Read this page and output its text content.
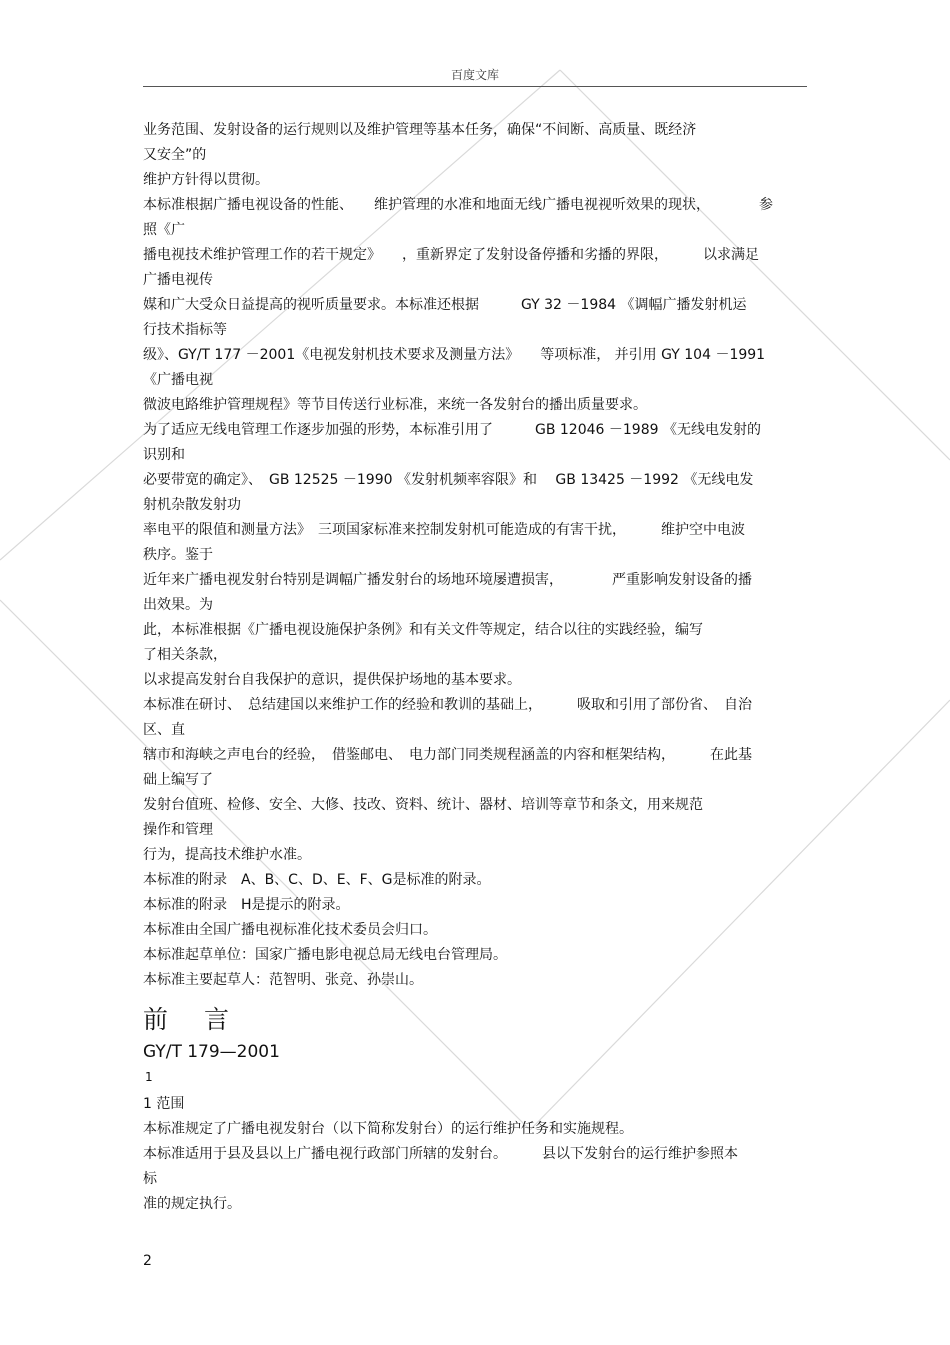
百度文库
业务范围、发射设备的运行规则以及维护管理等基本任务，确保“不间断、高质量、既经济
又安全”的
维护方针得以贯彻。
本标准根据广播电视设备的性能、　　维护管理的水准和地面无线广播电视视听效果的现状，　　　　参
照《广
播电视技术维护管理工作的若干规定》　　，重新界定了发射设备停播和劣播的界限，　　　以求满足
广播电视传
媒和广大受众日益提高的视听质量要求。本标准还根据　　　GY 32 －1984 《调幅广播发射机运
行技术指标等
级》、GY/T 177 －2001《电视发射机技术要求及测量方法》　　等项标准， 并引用 GY 104 －1991
《广播电视
微波电路维护管理规程》等节目传送行业标准，来统一各发射台的播出质量要求。
为了适应无线电管理工作逐步加强的形势，本标准引用了　　　GB 12046 －1989 《无线电发射的
识别和
必要带宽的确定》、　GB 12525 －1990 《发射机频率容限》和　 GB 13425 －1992 《无线电发
射机杂散发射功
率电平的限值和测量方法》　三项国家标准来控制发射机可能造成的有害干扰，　　　维护空中电波
秩序。鉴于
近年来广播电视发射台特别是调幅广播发射台的场地环境屡遭损害，　　　　严重影响发射设备的播
出效果。为
此，本标准根据《广播电视设施保护条例》和有关文件等规定，结合以往的实践经验，编写
了相关条款，
以求提高发射台自我保护的意识，提供保护场地的基本要求。
本标准在研讨、　总结建国以来维护工作的经验和教训的基础上，　　　吸取和引用了部份省、　自治
区、直
辖市和海峡之声电台的经验，　借鉴邮电、　电力部门同类规程涵盖的内容和框架结构，　　　在此基
础上编写了
发射台值班、检修、安全、大修、技改、资料、统计、器材、培训等章节和条文，用来规范
操作和管理
行为，提高技术维护水准。
本标准的附录　A、B、C、D、E、F、G是标准的附录。
本标准的附录　H是提示的附录。
本标准由全国广播电视标准化技术委员会归口。
本标准起草单位：国家广播电影电视总局无线电台管理局。
本标准主要起草人：范智明、张竞、孙崇山。
前 言
GY/T 179—2001
1
1 范围
本标准规定了广播电视发射台（以下简称发射台）的运行维护任务和实施规程。
本标准适用于县及县以上广播电视行政部门所辖的发射台。　　　县以下发射台的运行维护参照本
标
准的规定执行。
2
